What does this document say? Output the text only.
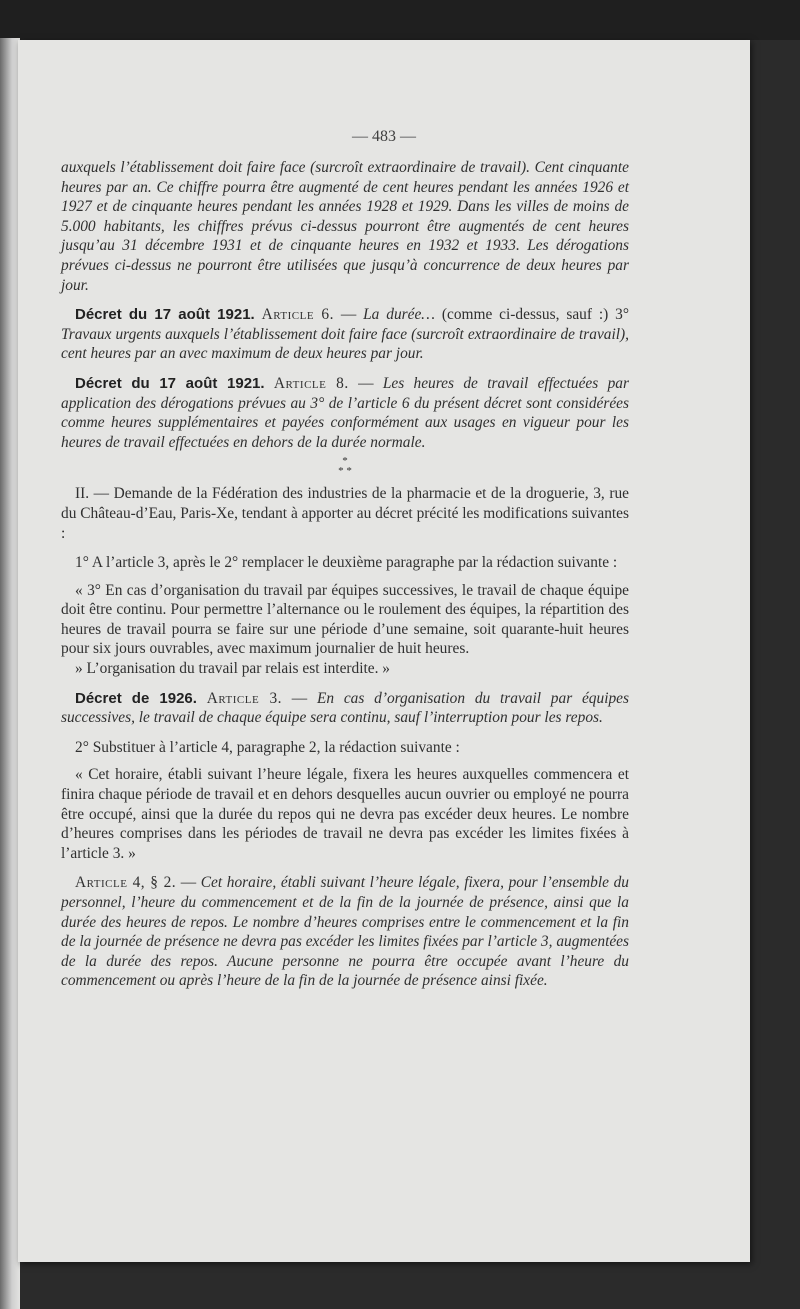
— 483 —

auxquels l’établissement doit faire face (surcroît extraordinaire de travail). Cent cinquante heures par an. Ce chiffre pourra être augmenté de cent heures pendant les années 1926 et 1927 et de cinquante heures pendant les années 1928 et 1929. Dans les villes de moins de 5.000 habitants, les chiffres prévus ci-dessus pourront être augmentés de cent heures jusqu’au 31 décembre 1931 et de cinquante heures en 1932 et 1933. Les dérogations prévues ci-dessus ne pourront être utilisées que jusqu’à concurrence de deux heures par jour.

Décret du 17 août 1921. Article 6. — La durée… (comme ci-dessus, sauf :) 3° Travaux urgents auxquels l’établissement doit faire face (surcroît extraordinaire de travail), cent heures par an avec maximum de deux heures par jour.

Décret du 17 août 1921. Article 8. — Les heures de travail effectuées par application des dérogations prévues au 3° de l’article 6 du présent décret sont considérées comme heures supplémentaires et payées conformément aux usages en vigueur pour les heures de travail effectuées en dehors de la durée normale.

*
* *

II. — Demande de la Fédération des industries de la pharmacie et de la droguerie, 3, rue du Château-d’Eau, Paris-Xe, tendant à apporter au décret précité les modifications suivantes :

1° A l’article 3, après le 2° remplacer le deuxième paragraphe par la rédaction suivante :

« 3° En cas d’organisation du travail par équipes successives, le travail de chaque équipe doit être continu. Pour permettre l’alternance ou le roulement des équipes, la répartition des heures de travail pourra se faire sur une période d’une semaine, soit quarante-huit heures pour six jours ouvrables, avec maximum journalier de huit heures.

» L’organisation du travail par relais est interdite. »

Décret de 1926. Article 3. — En cas d’organisation du travail par équipes successives, le travail de chaque équipe sera continu, sauf l’interruption pour les repos.

2° Substituer à l’article 4, paragraphe 2, la rédaction suivante :

« Cet horaire, établi suivant l’heure légale, fixera les heures auxquelles commencera et finira chaque période de travail et en dehors desquelles aucun ouvrier ou employé ne pourra être occupé, ainsi que la durée du repos qui ne devra pas excéder deux heures. Le nombre d’heures comprises dans les périodes de travail ne devra pas excéder les limites fixées à l’article 3. »

Article 4, § 2. — Cet horaire, établi suivant l’heure légale, fixera, pour l’ensemble du personnel, l’heure du commencement et de la fin de la journée de présence, ainsi que la durée des heures de repos. Le nombre d’heures comprises entre le commencement et la fin de la journée de présence ne devra pas excéder les limites fixées par l’article 3, augmentées de la durée des repos. Aucune personne ne pourra être occupée avant l’heure du commencement ou après l’heure de la fin de la journée de présence ainsi fixée.
